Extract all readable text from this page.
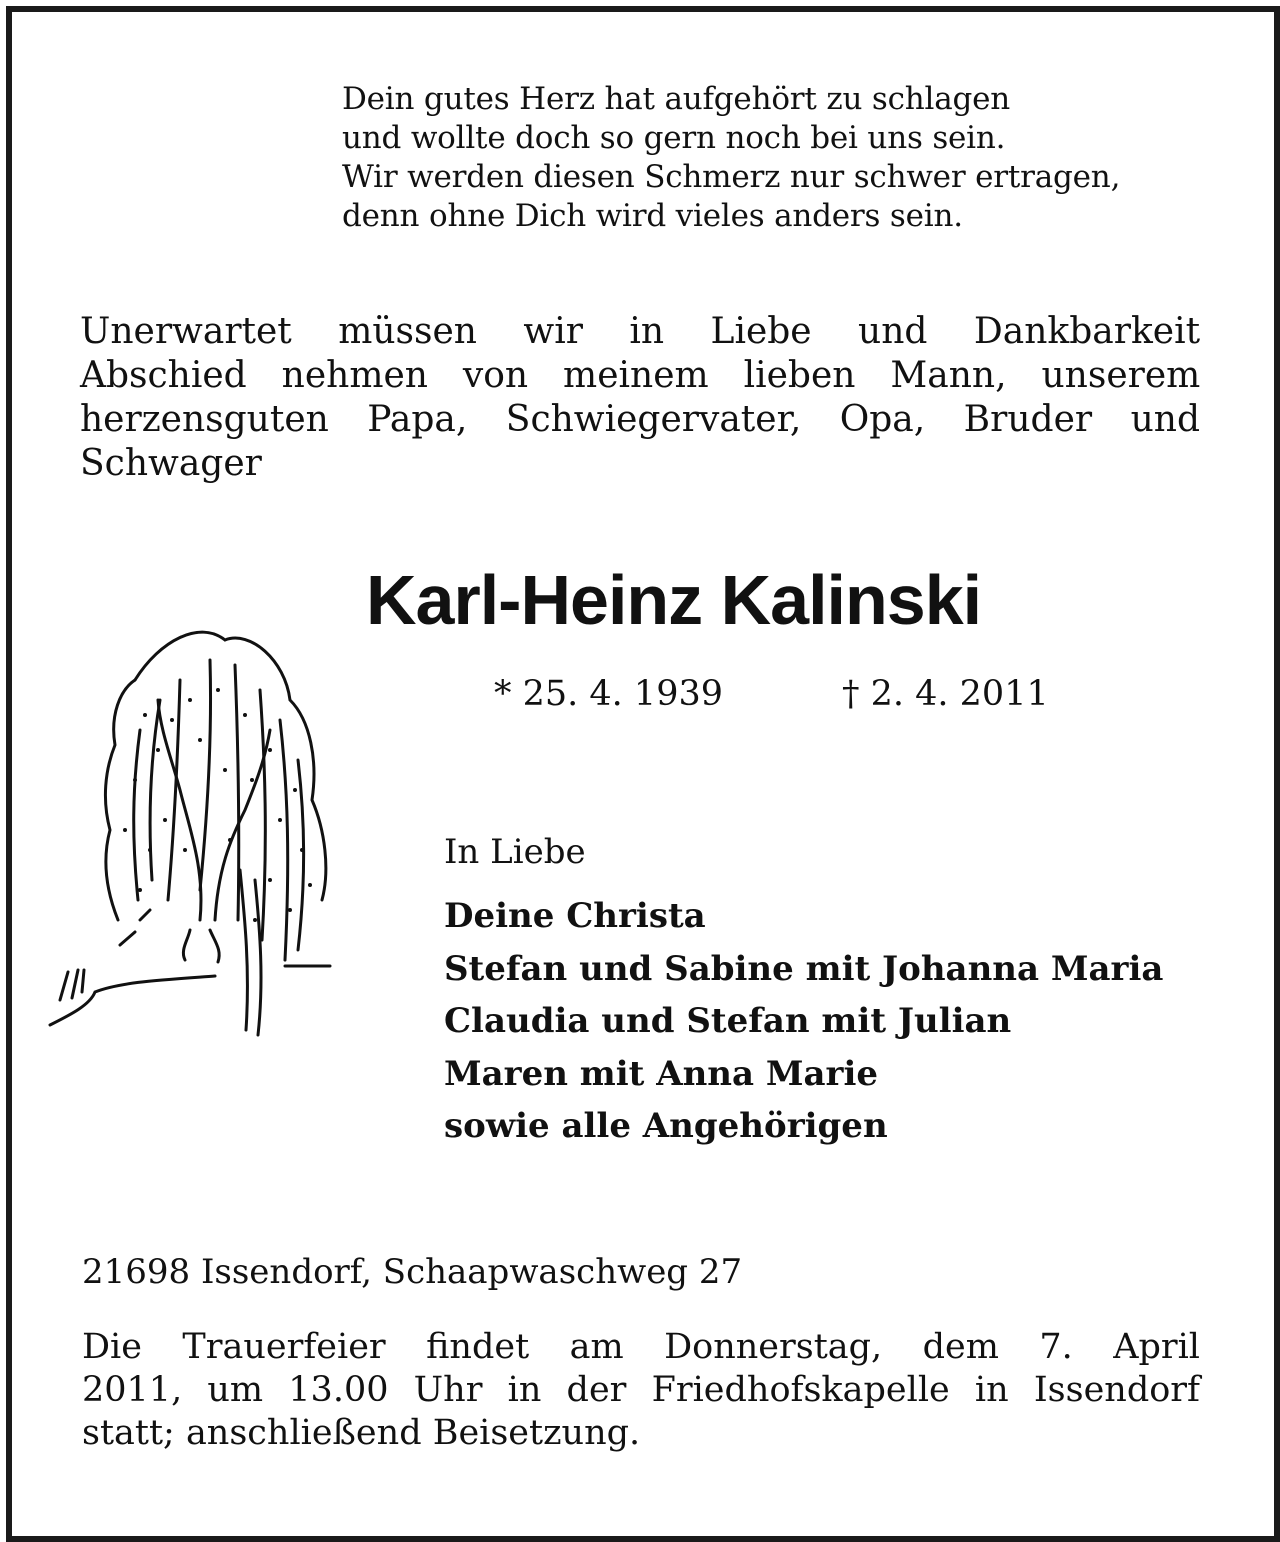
Dein gutes Herz hat aufgehört zu schlagen
und wollte doch so gern noch bei uns sein.
Wir werden diesen Schmerz nur schwer ertragen,
denn ohne Dich wird vieles anders sein.
Unerwartet müssen wir in Liebe und Dankbarkeit
Abschied nehmen von meinem lieben Mann, unserem
herzensguten Papa, Schwiegervater, Opa, Bruder und
Schwager
Karl-Heinz Kalinski
* 25. 4. 1939	† 2. 4. 2011
In Liebe
Deine Christa
Stefan und Sabine mit Johanna Maria
Claudia und Stefan mit Julian
Maren mit Anna Marie
sowie alle Angehörigen
21698 Issendorf, Schaapwaschweg 27
Die Trauerfeier findet am Donnerstag, dem 7. April
2011, um 13.00 Uhr in der Friedhofskapelle in Issendorf
statt; anschließend Beisetzung.
